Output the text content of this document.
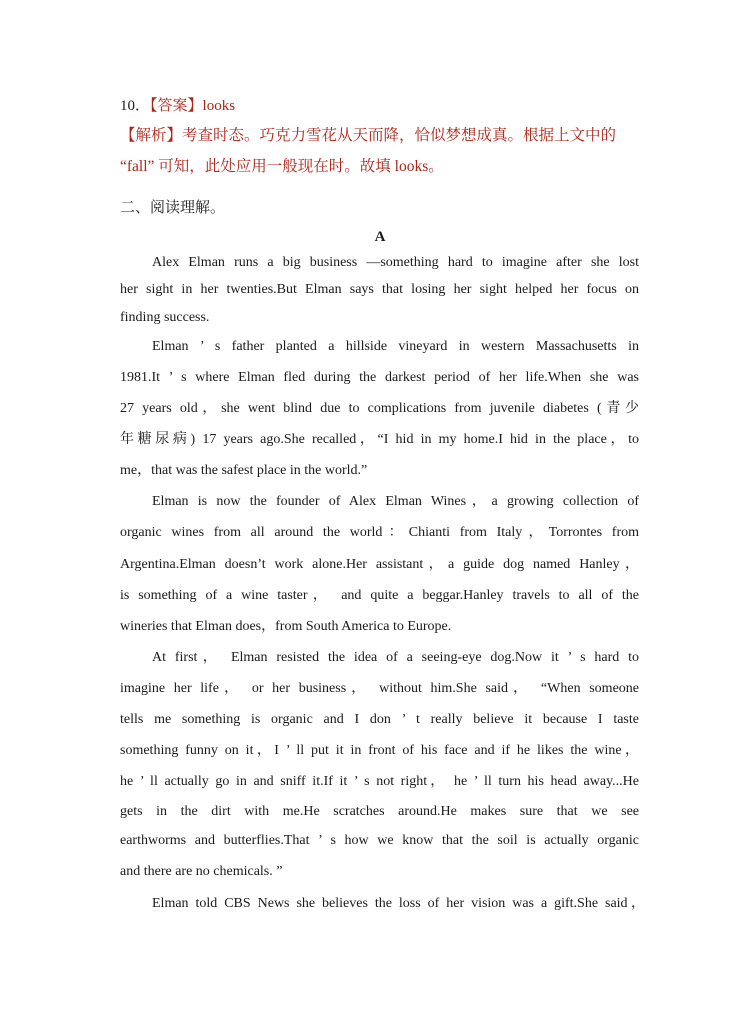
10．【答案】looks
【解析】考查时态。巧克力雪花从天而降，恰似梦想成真。根据上文中的
“fall” 可知，此处应用一般现在时。故填 looks。
二、阅读理解。
A
Alex Elman runs a big business —something hard to imagine after she lost
her sight in her twenties.But Elman says that losing her sight helped her focus on
finding success.
Elman ’ s father planted a hillside vineyard in western Massachusetts in
1981.It ’ s where Elman fled during the darkest period of her life.When she was
27 years old，she went blind due to complications from juvenile diabetes (青少
年糖尿病) 17 years ago.She recalled，“I hid in my home.I hid in the place，to
me，that was the safest place in the world.”
Elman is now the founder of Alex Elman Wines，a growing collection of
organic wines from all around the world：Chianti from Italy，Torrontes from
Argentina.Elman doesn’t work alone.Her assistant，a guide dog named Hanley，
is something of a wine taster， and quite a beggar.Hanley travels to all of the
wineries that Elman does，from South America to Europe.
At first， Elman resisted the idea of a seeing-eye dog.Now it ’ s hard to
imagine her life， or her business， without him.She said， “When someone
tells me something is organic and I don ’ t really believe it because I taste
something funny on it，I ’ ll put it in front of his face and if he likes the wine，
he ’ ll actually go in and sniff it.If it ’ s not right， he ’ ll turn his head away...He
gets in the dirt with me.He scratches around.He makes sure that we see
earthworms and butterflies.That ’ s how we know that the soil is actually organic
and there are no chemicals. ”
Elman told CBS News she believes the loss of her vision was a gift.She said，
